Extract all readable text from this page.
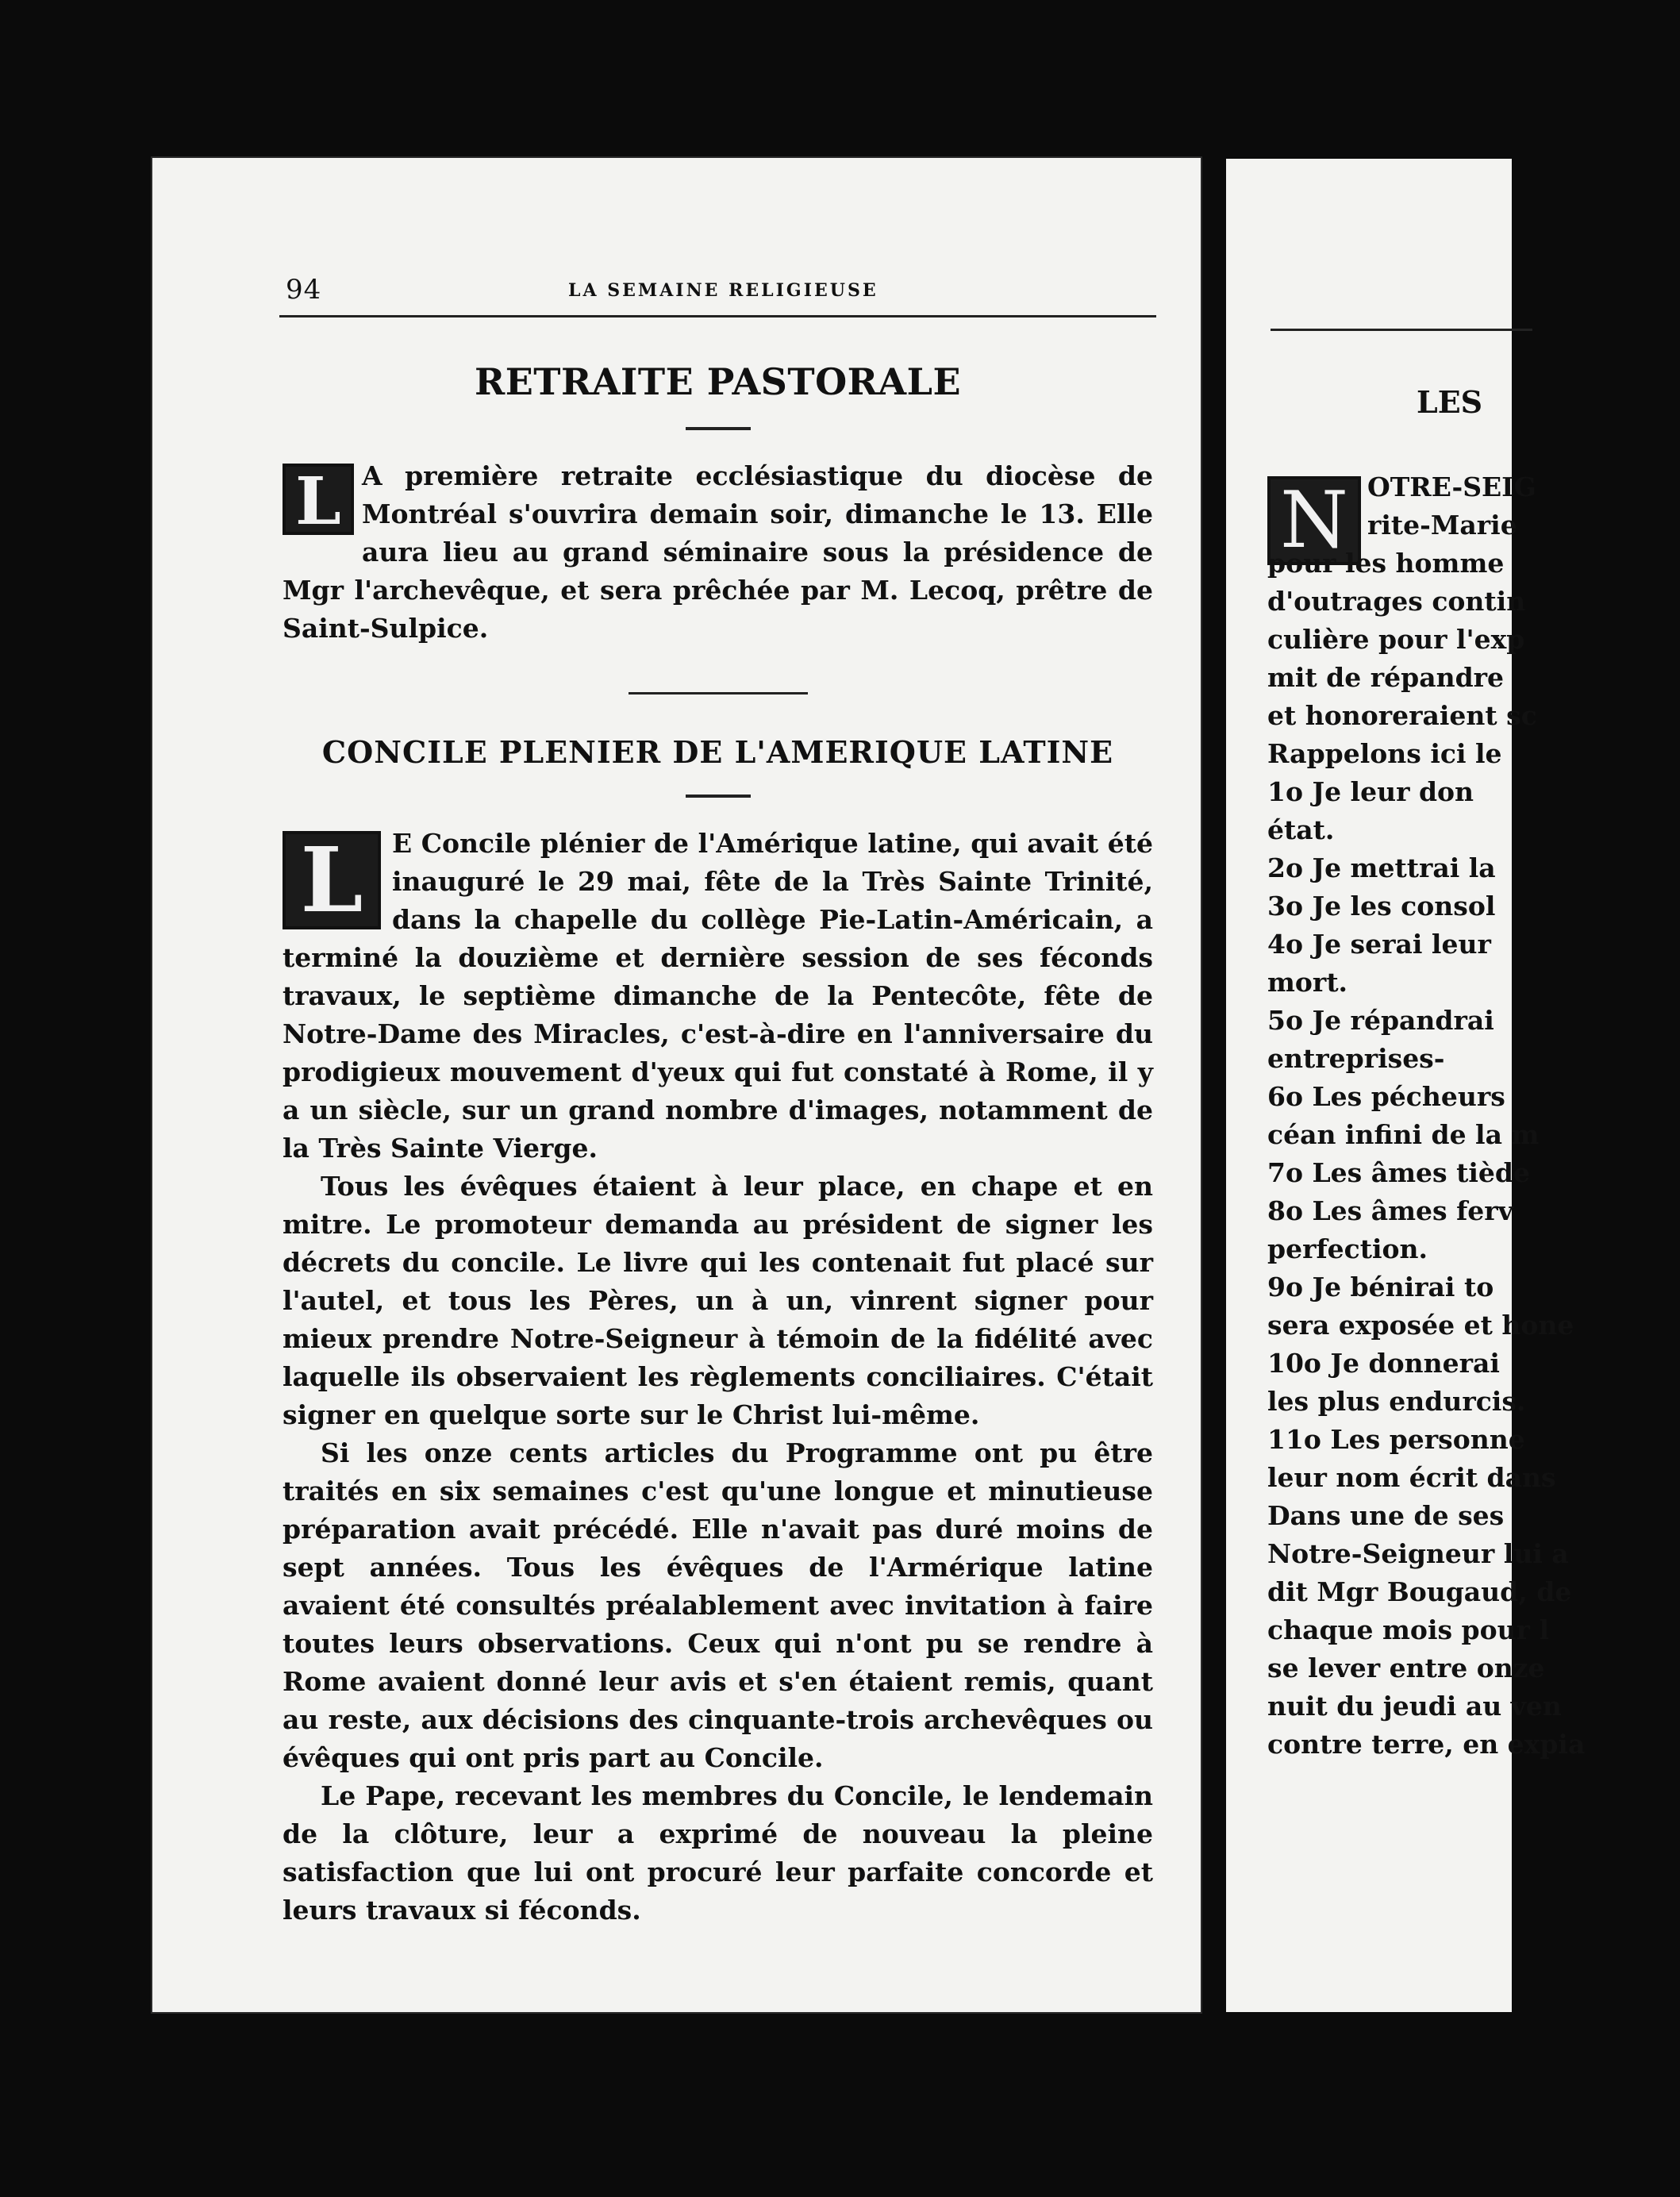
94	LA SEMAINE RELIGIEUSE
RETRAITE PASTORALE

L A première retraite ecclésiastique du diocèse de Montréal s'ouvrira demain soir, dimanche le 13. Elle aura lieu au grand séminaire sous la présidence de Mgr l'archevêque, et sera prêchée par M. Lecoq, prêtre de Saint-Sulpice.

CONCILE PLENIER DE L'AMERIQUE LATINE

L	E Concile plénier de l'Amérique latine, qui avait été inauguré le 29 mai, fête de la Très Sainte Trinité, dans la chapelle du collège Pie-Latin-Américain, a terminé la douzième et dernière session de ses féconds travaux, le septième dimanche de la Pentecôte, fête de Notre-Dame des Miracles, c'est-à-dire en l'anniversaire du prodigieux mouvement d'yeux qui fut constaté à Rome, il y a un siècle, sur un grand nombre d'images, notamment de la Très Sainte Vierge.

Tous les évêques étaient à leur place, en chape et en mitre. Le promoteur demanda au président de signer les décrets du concile. Le livre qui les contenait fut placé sur l'autel, et tous les Pères, un à un, vinrent signer pour mieux prendre Notre-Seigneur à témoin de la fidélité avec laquelle ils observaient les règlements conciliaires. C'était signer en quelque sorte sur le Christ lui-même.

Si les onze cents articles du Programme ont pu être traités en six semaines c'est qu'une longue et minutieuse préparation avait précédé. Elle n'avait pas duré moins de sept années. Tous les évêques de l'Armérique latine avaient été consultés préalablement avec invitation à faire toutes leurs observations. Ceux qui n'ont pu se rendre à Rome avaient donné leur avis et s'en étaient remis, quant au reste, aux décisions des cinquante-trois archevêques ou évêques qui ont pris part au Concile.

Le Pape, recevant les membres du Concile, le lendemain de la clôture, leur a exprimé de nouveau la pleine satisfaction que lui ont procuré leur parfaite concorde et leurs travaux si féconds.

LES
N OTRE-SEIG
rite-Marie
pour les homme
d'outrages contin
culière pour l'exp
mit de répandre
et honoreraient sc
Rappelons ici le
1o Je leur don
état.
2o Je mettrai la
3o Je les consol
4o Je serai leur
mort.
5o Je répandrai
entreprises-
6o Les pécheurs
céan infini de la m
7o Les âmes tiède
8o Les âmes ferv
perfection.
9o Je bénirai to
sera exposée et hone
10o Je donnerai
les plus endurcis.
11o Les personne
leur nom écrit dans
Dans une de ses
Notre-Seigneur lui a
dit Mgr Bougaud, de
chaque mois pour l
se lever entre onze
nuit du jeudi au ven
contre terre, en expia
